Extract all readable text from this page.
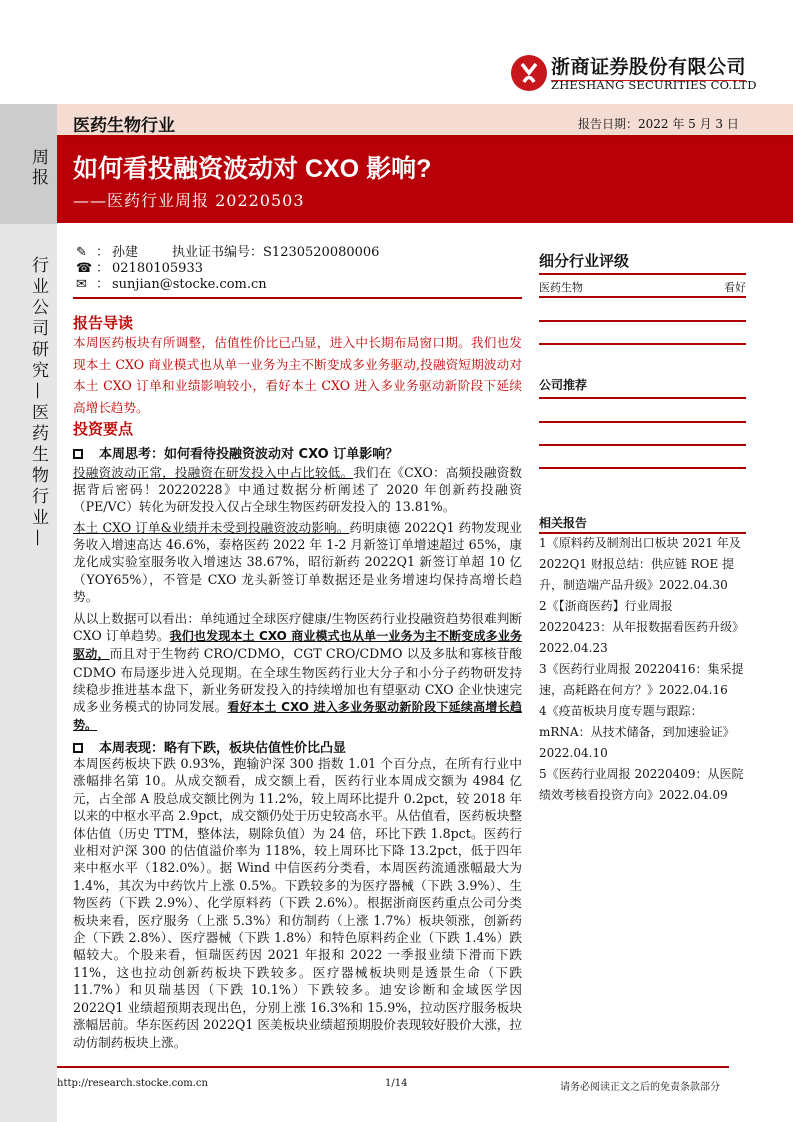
浙商证券股份有限公司
ZHESHANG SECURITIES CO.LTD
周报
行业公司研究—医药生物行业—
医药生物行业	报告日期：2022 年 5 月 3 日
如何看投融资波动对 CXO 影响?
——医药行业周报 20220503
✎ ： 孙建	执业证书编号：S1230520080006
☎ ： 02180105933
✉ ： sunjian@stocke.com.cn
报告导读
本周医药板块有所调整，估值性价比已凸显，进入中长期布局窗口期。我们也发现本土 CXO 商业模式也从单一业务为主不断变成多业务驱动,投融资短期波动对本土 CXO 订单和业绩影响较小，看好本土 CXO 进入多业务驱动新阶段下延续高增长趋势。
投资要点
本周思考：如何看待投融资波动对 CXO 订单影响？
投融资波动正常，投融资在研发投入中占比较低。我们在《CXO：高频投融资数据背后密码！20220228》中通过数据分析阐述了 2020 年创新药投融资（PE/VC）转化为研发投入仅占全球生物医药研发投入的 13.81%。
本土 CXO 订单&业绩并未受到投融资波动影响。药明康德 2022Q1 药物发现业务收入增速高达 46.6%，泰格医药 2022 年 1-2 月新签订单增速超过 65%，康龙化成实验室服务收入增速达 38.67%，昭衍新药 2022Q1 新签订单超 10 亿（YOY65%），不管是 CXO 龙头新签订单数据还是业务增速均保持高增长趋势。
从以上数据可以看出：单纯通过全球医疗健康/生物医药行业投融资趋势很难判断 CXO 订单趋势。我们也发现本土 CXO 商业模式也从单一业务为主不断变成多业务驱动，而且对于生物药 CRO/CDMO，CGT CRO/CDMO 以及多肽和寡核苷酸 CDMO 布局逐步进入兑现期。在全球生物医药行业大分子和小分子药物研发持续稳步推进基本盘下，新业务研发投入的持续增加也有望驱动 CXO 企业快速完成多业务模式的协同发展。看好本土 CXO 进入多业务驱动新阶段下延续高增长趋势。
本周表现：略有下跌，板块估值性价比凸显
本周医药板块下跌 0.93%，跑输沪深 300 指数 1.01 个百分点，在所有行业中涨幅排名第 10。从成交额看，成交额上看，医药行业本周成交额为 4984 亿元，占全部 A 股总成交额比例为 11.2%，较上周环比提升 0.2pct，较 2018 年以来的中枢水平高 2.9pct，成交额仍处于历史较高水平。从估值看，医药板块整体估值（历史 TTM，整体法，剔除负值）为 24 倍，环比下跌 1.8pct。医药行业相对沪深 300 的估值溢价率为 118%，较上周环比下降 13.2pct，低于四年来中枢水平（182.0%）。据 Wind 中信医药分类看，本周医药流通涨幅最大为 1.4%，其次为中药饮片上涨 0.5%。下跌较多的为医疗器械（下跌 3.9%）、生物医药（下跌 2.9%）、化学原料药（下跌 2.6%）。根据浙商医药重点公司分类板块来看，医疗服务（上涨 5.3%）和仿制药（上涨 1.7%）板块领涨，创新药企（下跌 2.8%）、医疗器械（下跌 1.8%）和特色原料药企业（下跌 1.4%）跌幅较大。个股来看，恒瑞医药因 2021 年报和 2022 一季报业绩下滑而下跌 11%，这也拉动创新药板块下跌较多。医疗器械板块则是透景生命（下跌 11.7%）和贝瑞基因（下跌 10.1%）下跌较多。迪安诊断和金域医学因 2022Q1 业绩超预期表现出色，分别上涨 16.3%和 15.9%，拉动医疗服务板块涨幅居前。华东医药因 2022Q1 医美板块业绩超预期股价表现较好股价大涨，拉动仿制药板块上涨。
细分行业评级
医药生物	看好
公司推荐
相关报告
1《原料药及制剂出口板块 2021 年及 2022Q1 财报总结：供应链 ROE 提升，制造端产品升级》2022.04.30
2《【浙商医药】行业周报 20220423：从年报数据看医药升级》2022.04.23
3《医药行业周报 20220416：集采提速，高耗路在何方？》2022.04.16
4《疫苗板块月度专题与跟踪：mRNA：从技术储备，到加速验证》2022.04.10
5《医药行业周报 20220409：从医院绩效考核看投资方向》2022.04.09
http://research.stocke.com.cn	1/14	请务必阅读正文之后的免责条款部分
